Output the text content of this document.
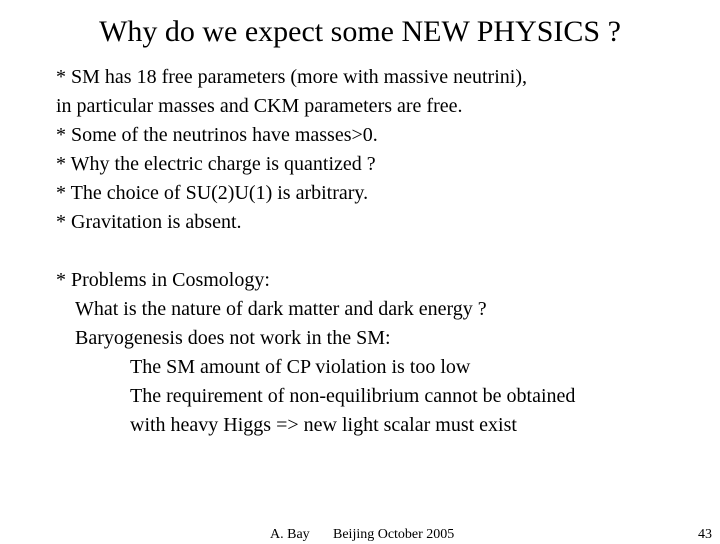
Why do we expect some NEW PHYSICS ?
* SM has 18 free parameters (more with massive neutrini),
in particular masses and CKM parameters are free.
* Some of the neutrinos have masses>0.
* Why the electric charge is quantized ?
* The choice of SU(2)U(1) is arbitrary.
* Gravitation is absent.
* Problems in Cosmology:
What is the nature of dark matter and dark energy ?
Baryogenesis does not work in the SM:
The SM amount of CP violation is too low
The requirement of non-equilibrium cannot be obtained
with heavy Higgs => new light scalar must exist
A. Bay Beijing October 2005	43
